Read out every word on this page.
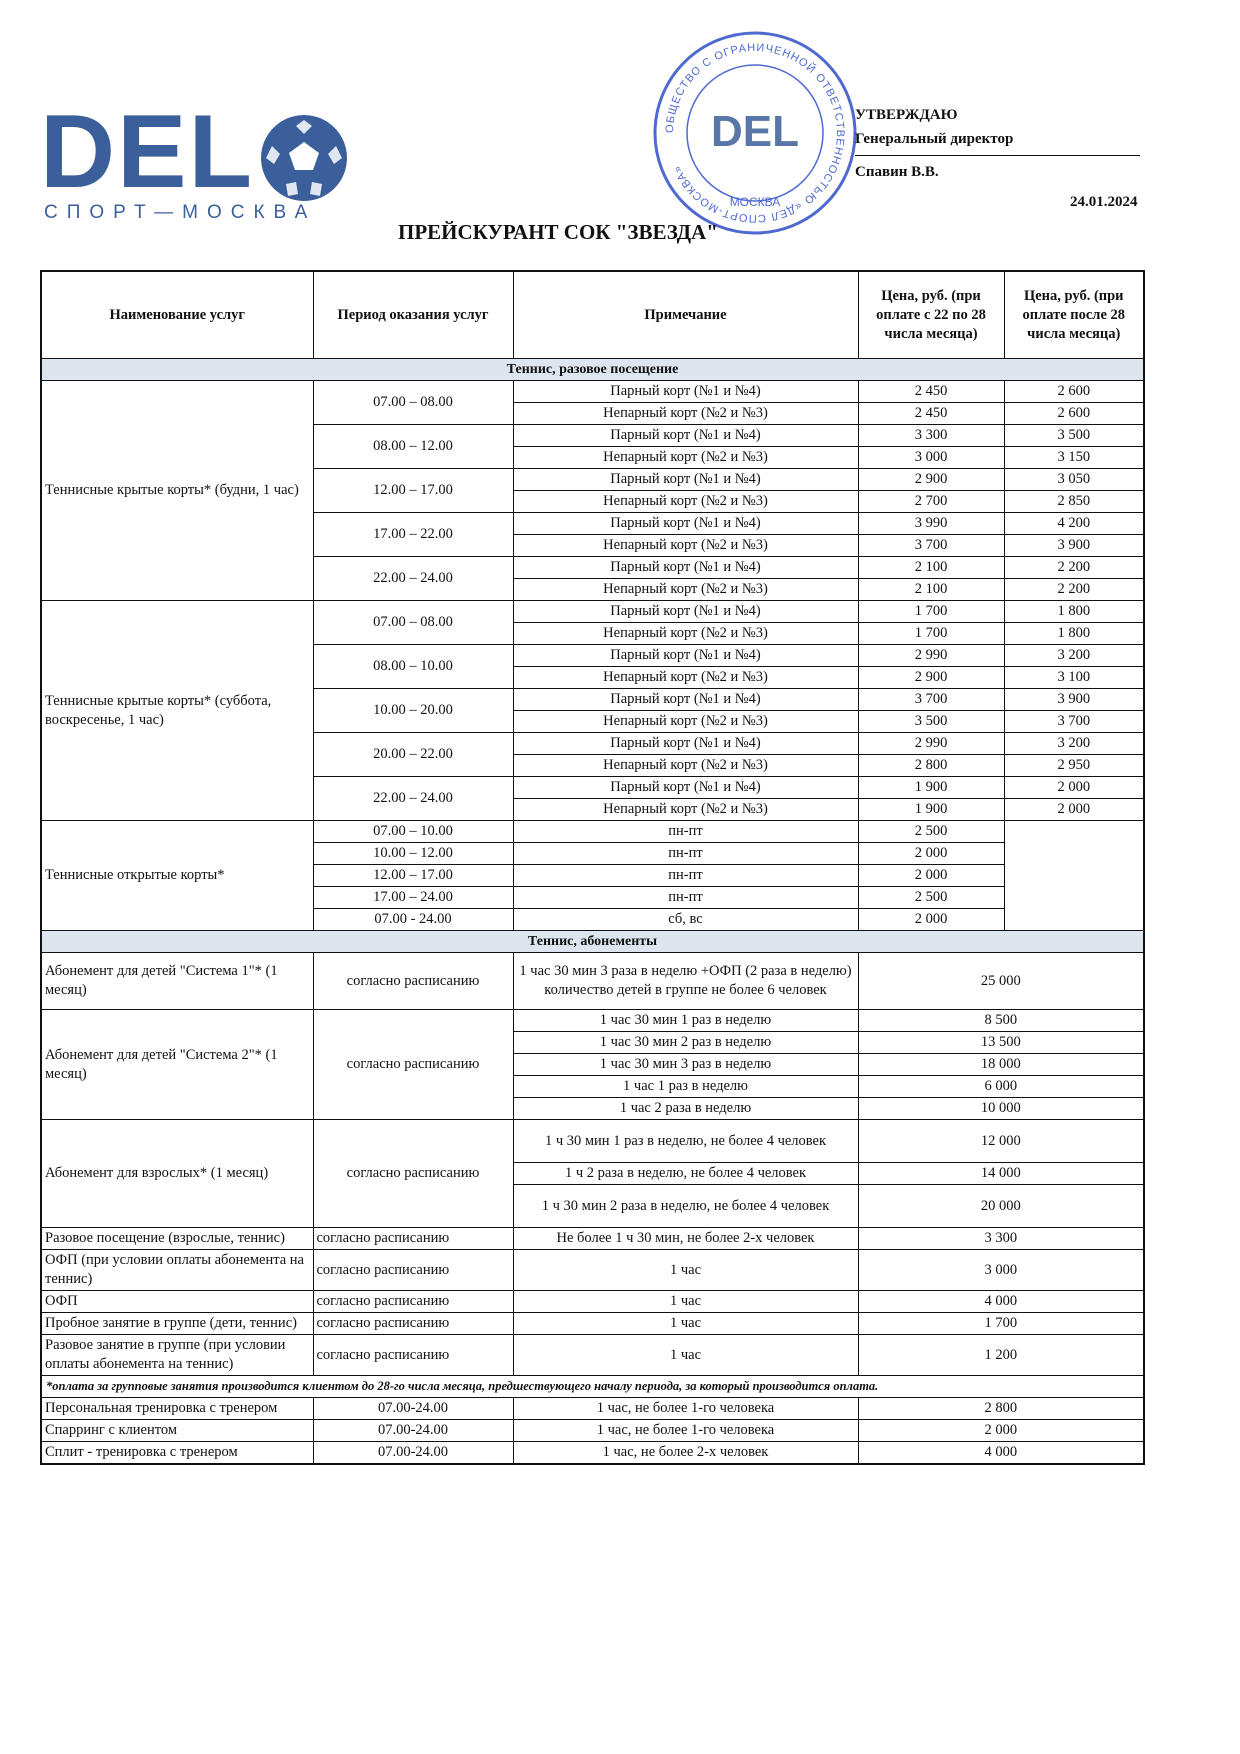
DEL
СПОРТ—МОСКВА
ОБЩЕСТВО С ОГРАНИЧЕННОЙ ОТВЕТСТВЕННОСТЬЮ «ДЕЛ СПОРТ-МОСКВА»
DEL
МОСКВА
УТВЕРЖДАЮ
Генеральный директор
Спавин В.В.
24.01.2024
ПРЕЙСКУРАНТ СОК "ЗВЕЗДА"
Наименование услуг	Период оказания услуг	Примечание	Цена, руб. (при оплате с 22 по 28 числа месяца)	Цена, руб. (при оплате после 28 числа месяца)
Теннис, разовое посещение				
Теннисные крытые корты* (будни, 1 час)	07.00 – 08.00	Парный корт (№1 и №4)	2 450	2 600
		Непарный корт (№2 и №3)	2 450	2 600
	08.00 – 12.00	Парный корт (№1 и №4)	3 300	3 500
		Непарный корт (№2 и №3)	3 000	3 150
	12.00 – 17.00	Парный корт (№1 и №4)	2 900	3 050
		Непарный корт (№2 и №3)	2 700	2 850
	17.00 – 22.00	Парный корт (№1 и №4)	3 990	4 200
		Непарный корт (№2 и №3)	3 700	3 900
	22.00 – 24.00	Парный корт (№1 и №4)	2 100	2 200
		Непарный корт (№2 и №3)	2 100	2 200
Теннисные крытые корты* (суббота, воскресенье, 1 час)	07.00 – 08.00	Парный корт (№1 и №4)	1 700	1 800
		Непарный корт (№2 и №3)	1 700	1 800
	08.00 – 10.00	Парный корт (№1 и №4)	2 990	3 200
		Непарный корт (№2 и №3)	2 900	3 100
	10.00 – 20.00	Парный корт (№1 и №4)	3 700	3 900
		Непарный корт (№2 и №3)	3 500	3 700
	20.00 – 22.00	Парный корт (№1 и №4)	2 990	3 200
		Непарный корт (№2 и №3)	2 800	2 950
	22.00 – 24.00	Парный корт (№1 и №4)	1 900	2 000
		Непарный корт (№2 и №3)	1 900	2 000
Теннисные открытые корты*	07.00 – 10.00	пн-пт	2 500	
	10.00 – 12.00	пн-пт	2 000	
	12.00 – 17.00	пн-пт	2 000	
	17.00 – 24.00	пн-пт	2 500	
	07.00 - 24.00	сб, вс	2 000	
Теннис, абонементы				
Абонемент для детей "Система 1"* (1 месяц)	согласно расписанию	1 час 30 мин 3 раза в неделю +ОФП (2 раза в неделю) количество детей в группе не более 6 человек	25 000	
Абонемент для детей "Система 2"* (1 месяц)	согласно расписанию	1 час 30 мин 1 раз в неделю	8 500	
		1 час 30 мин 2 раз в неделю	13 500	
		1 час 30 мин 3 раз в неделю	18 000	
		1 час 1 раз в неделю	6 000	
		1 час 2 раза в неделю	10 000	
Абонемент для взрослых* (1 месяц)	согласно расписанию	1 ч 30 мин 1 раз в неделю, не более 4 человек	12 000	
		1 ч 2 раза в неделю, не более 4 человек	14 000	
		1 ч 30 мин 2 раза в неделю, не более 4 человек	20 000	
Разовое посещение (взрослые, теннис)	согласно расписанию	Не более 1 ч 30 мин, не более 2-х человек	3 300	
ОФП (при условии оплаты абонемента на теннис)	согласно расписанию	1 час	3 000	
ОФП	согласно расписанию	1 час	4 000	
Пробное занятие в группе (дети, теннис)	согласно расписанию	1 час	1 700	
Разовое занятие в группе (при условии оплаты абонемента на теннис)	согласно расписанию	1 час	1 200	
*оплата за групповые занятия производится клиентом до 28-го числа месяца, предшествующего началу периода, за который производится оплата.				
Персональная тренировка с тренером	07.00-24.00	1 час, не более 1-го человека	2 800	
Спарринг с клиентом	07.00-24.00	1 час, не более 1-го человека	2 000	
Сплит - тренировка с тренером	07.00-24.00	1 час, не более 2-х человек	4 000	
